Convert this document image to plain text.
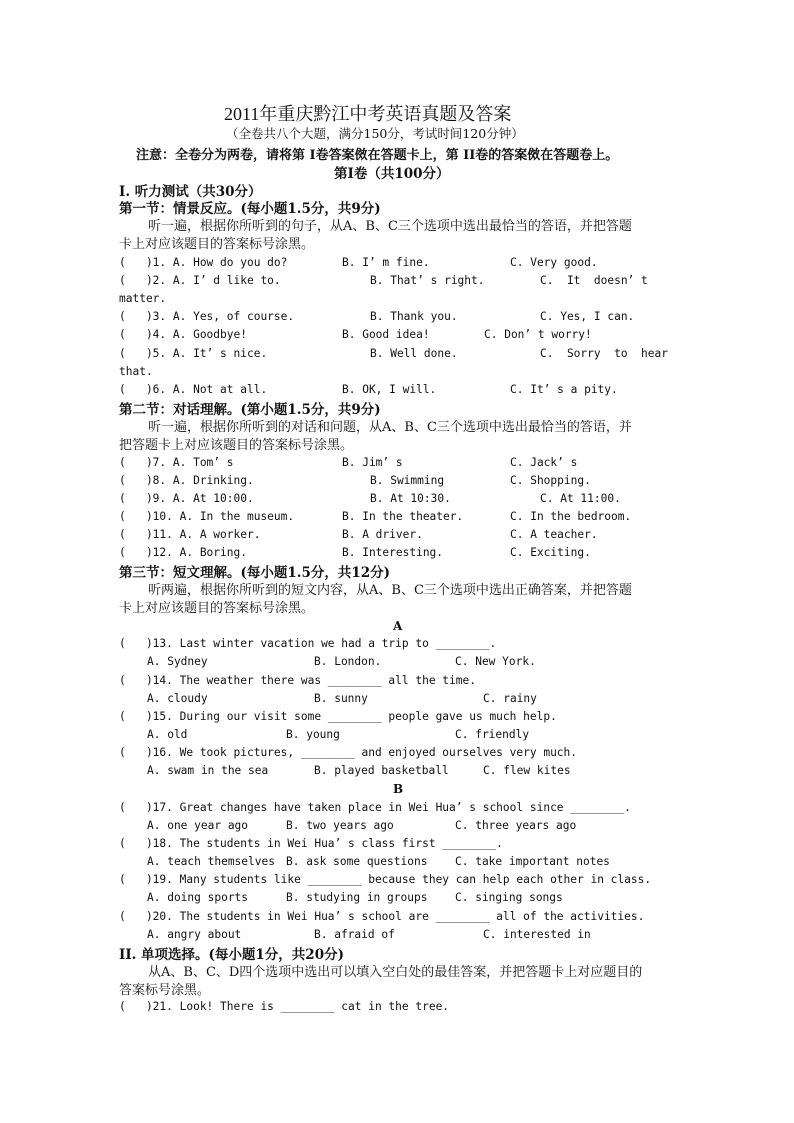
2011年重庆黔江中考英语真题及答案
（全卷共八个大题，满分150分，考试时间120分钟）
注意：全卷分为两卷，请将第 I卷答案傚在答题卡上，第 II卷的答案傚在答题卷上。
第Ⅰ卷（共100分）
I. 听力测试（共30分）
第一节：情景反应。(每小题1.5分，共9分)
听一遍，根据你所听到的句子，从A、B、C三个选项中选出最恰当的答语，并把答题
卡上对应该题目的答案标号涂黑。
(   )1. A. How do you do?	B. I’ m fine.	C. Very good.
(   )2. A. I’ d like to.	B. That’ s right.	C.  It  doesn’ t
matter.
(   )3. A. Yes, of course.	B. Thank you.	C. Yes, I can.
(   )4. A. Goodbye!	B. Good idea!	C. Don’ t worry!
(   )5. A. It’ s nice.	B. Well done.	C.  Sorry  to  hear
that.
(   )6. A. Not at all.	B. OK, I will.	C. It’ s a pity.
第二节：对话理解。(第小题1.5分，共9分)
听一遍，根据你所听到的对话和问题，从A、B、C三个选项中选出最恰当的答语，并
把答题卡上对应该题目的答案标号涂黑。
(   )7. A. Tom’ s	B. Jim’ s	C. Jack’ s
(   )8. A. Drinking.	B. Swimming	C. Shopping.
(   )9. A. At 10:00.	B. At 10:30.	C. At 11:00.
(   )10. A. In the museum.	B. In the theater.	C. In the bedroom.
(   )11. A. A worker.	B. A driver.	C. A teacher.
(   )12. A. Boring.	B. Interesting.	C. Exciting.
第三节：短文理解。(每小题1.5分，共12分)
听两遍，根据你所听到的短文内容，从A、B、C三个选项中选出正确答案，并把答题
卡上对应该题目的答案标号涂黑。
A
(   )13. Last winter vacation we had a trip to ________.
A. Sydney	B. London.	C. New York.
(   )14. The weather there was ________ all the time.
A. cloudy	B. sunny	C. rainy
(   )15. During our visit some ________ people gave us much help.
A. old	B. young	C. friendly
(   )16. We took pictures, ________ and enjoyed ourselves very much.
A. swam in the sea	B. played basketball	C. flew kites
B
(   )17. Great changes have taken place in Wei Hua’ s school since ________.
A. one year ago	B. two years ago	C. three years ago
(   )18. The students in Wei Hua’ s class first ________.
A. teach themselves B. ask some questions C. take important notes
(   )19. Many students like ________ because they can help each other in class.
A. doing sports	B. studying in groups C. singing songs
(   )20. The students in Wei Hua’ s school are ________ all of the activities.
A. angry about	B. afraid of	C. interested in
II. 单项选择。(每小题1分，共20分)
从A、B、C、D四个选项中选出可以填入空白处的最佳答案，并把答题卡上对应题目的
答案标号涂黑。
(   )21. Look! There is ________ cat in the tree.
